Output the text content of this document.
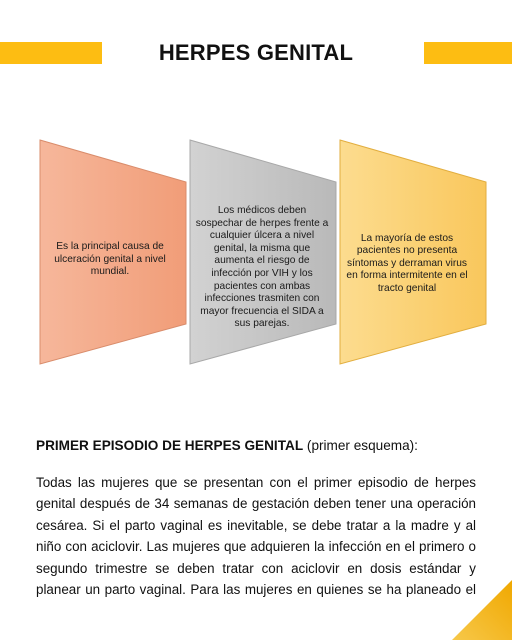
HERPES GENITAL
Es la principal causa de ulceración genital a nivel mundial.
Los médicos deben sospechar de herpes frente a cualquier úlcera a nivel genital, la misma que aumenta el riesgo de infección por VIH y los pacientes con ambas infecciones trasmiten con mayor frecuencia el SIDA a sus parejas.
La mayoría de estos pacientes no presenta síntomas y derraman virus en forma intermitente en el tracto genital
PRIMER EPISODIO DE HERPES GENITAL (primer esquema):

Todas las mujeres que se presentan con el primer episodio de herpes genital después de 34 semanas de gestación deben tener una operación cesárea. Si el parto vaginal es inevitable, se debe tratar a la madre y al niño con aciclovir. Las mujeres que adquieren la infección en el primero o segundo trimestre se deben tratar con aciclovir en dosis estándar y planear un parto vaginal. Para las mujeres en quienes se ha planeado el
